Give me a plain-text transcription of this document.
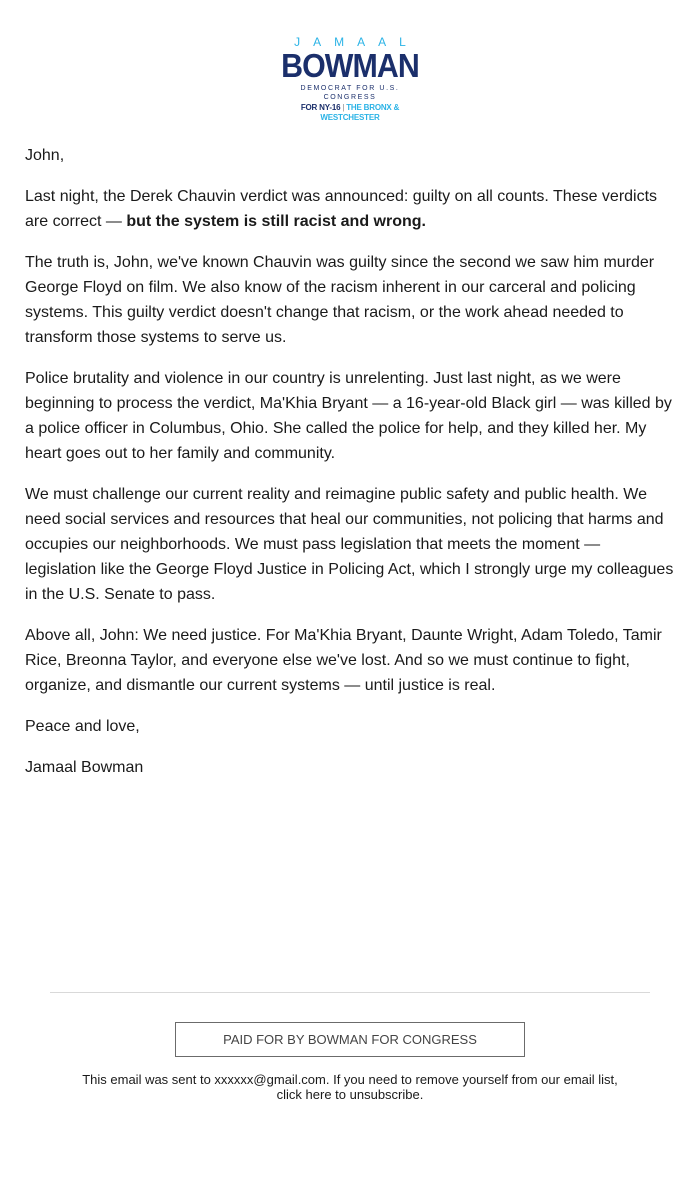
JAMAAL
BOWMAN
DEMOCRAT FOR U.S. CONGRESS
FOR NY-16 | THE BRONX & WESTCHESTER

John,

Last night, the Derek Chauvin verdict was announced: guilty on all counts. These verdicts are correct — but the system is still racist and wrong.

The truth is, John, we've known Chauvin was guilty since the second we saw him murder George Floyd on film. We also know of the racism inherent in our carceral and policing systems. This guilty verdict doesn't change that racism, or the work ahead needed to transform those systems to serve us.

Police brutality and violence in our country is unrelenting. Just last night, as we were beginning to process the verdict, Ma'Khia Bryant — a 16-year-old Black girl — was killed by a police officer in Columbus, Ohio. She called the police for help, and they killed her. My heart goes out to her family and community.

We must challenge our current reality and reimagine public safety and public health. We need social services and resources that heal our communities, not policing that harms and occupies our neighborhoods. We must pass legislation that meets the moment — legislation like the George Floyd Justice in Policing Act, which I strongly urge my colleagues in the U.S. Senate to pass.

Above all, John: We need justice. For Ma'Khia Bryant, Daunte Wright, Adam Toledo, Tamir Rice, Breonna Taylor, and everyone else we've lost. And so we must continue to fight, organize, and dismantle our current systems — until justice is real.

Peace and love,

Jamaal Bowman

PAID FOR BY BOWMAN FOR CONGRESS
This email was sent to xxxxxx@gmail.com. If you need to remove yourself from our email list,
click here to unsubscribe.
